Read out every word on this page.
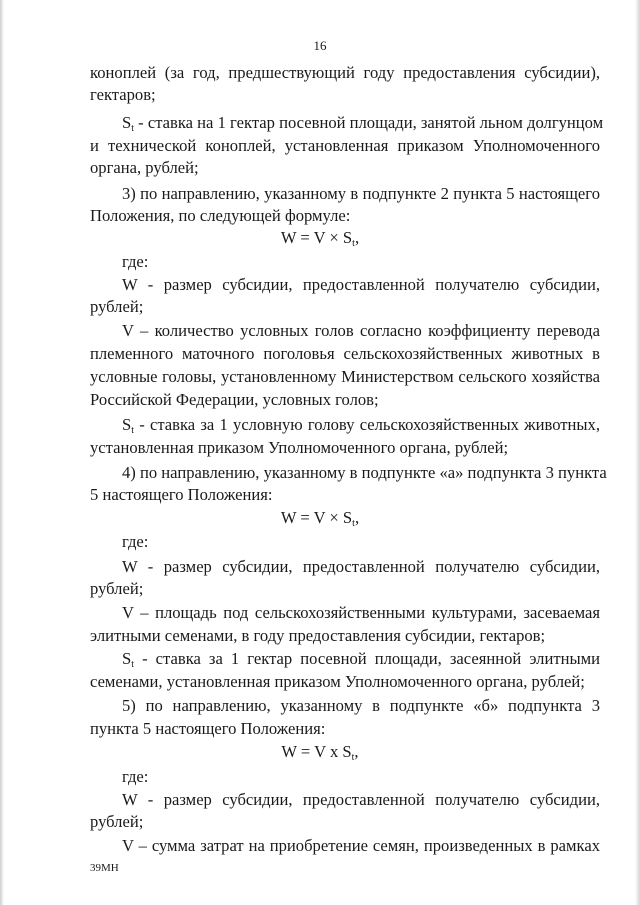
16
коноплей (за год, предшествующий году предоставления субсидии),
гектаров;
$S_t$ - ставка на 1 гектар посевной площади, занятой льном долгунцом
и технической коноплей, установленная приказом Уполномоченного
органа, рублей;
3) по направлению, указанному в подпункте 2 пункта 5 настоящего
Положения, по следующей формуле:
$W = V \times S_t$,
где:
W - размер субсидии, предоставленной получателю субсидии,
рублей;
V – количество условных голов согласно коэффициенту перевода
племенного маточного поголовья сельскохозяйственных животных в
условные головы, установленному Министерством сельского хозяйства
Российской Федерации, условных голов;
$S_t$ - ставка за 1 условную голову сельскохозяйственных животных,
установленная приказом Уполномоченного органа, рублей;
4) по направлению, указанному в подпункте «а» подпункта 3 пункта
5 настоящего Положения:
$W = V \times S_t$,
где:
W - размер субсидии, предоставленной получателю субсидии,
рублей;
V – площадь под сельскохозяйственными культурами, засеваемая
элитными семенами, в году предоставления субсидии, гектаров;
$S_t$ - ставка за 1 гектар посевной площади, засеянной элитными
семенами, установленная приказом Уполномоченного органа, рублей;
5) по направлению, указанному в подпункте «б» подпункта 3
пункта 5 настоящего Положения:
W = V x $S_t$,
где:
W - размер субсидии, предоставленной получателю субсидии,
рублей;
V – сумма затрат на приобретение семян, произведенных в рамках
39МН
